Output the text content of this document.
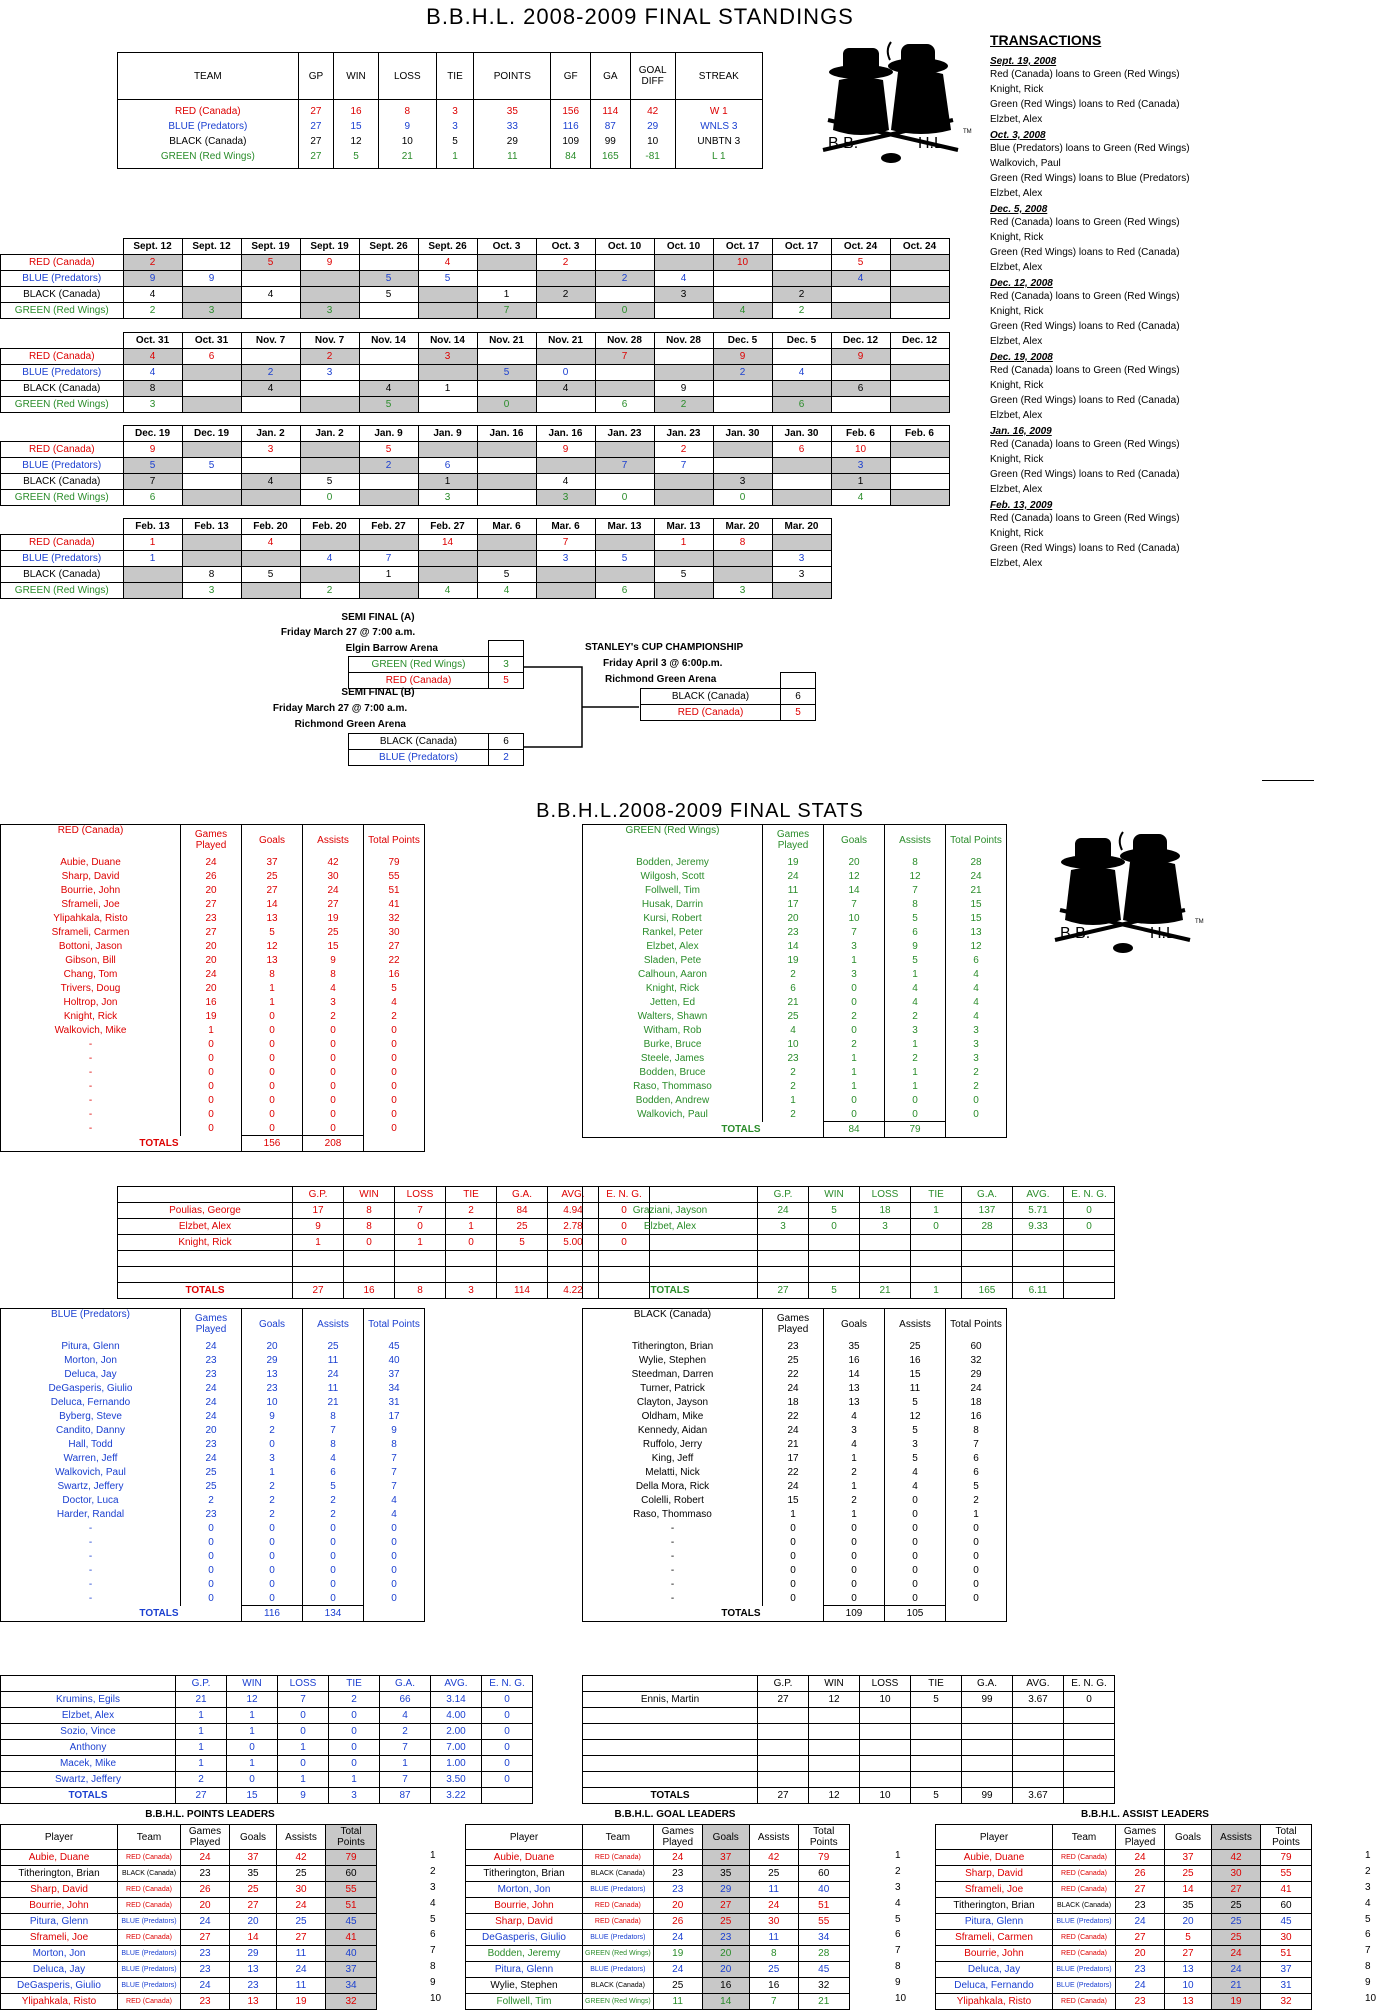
B.B.H.L. 2008-2009 FINAL STANDINGS
TEAM	GP	WIN	LOSS	TIE	POINTS	GF	GA	GOAL DIFF	STREAK
RED (Canada)	27	16	8	3	35	156	114	42	W 1
BLUE (Predators)	27	15	9	3	33	116	87	29	WNLS 3
BLACK (Canada)	27	12	10	5	29	109	99	10	UNBTN 3
GREEN (Red Wings)	27	5	21	1	11	84	165	-81	L 1
B.B.	H.L.
TM
TRANSACTIONS
Sept. 19, 2008
Red (Canada) loans to Green (Red Wings)
Knight, Rick
Green (Red Wings) loans to Red (Canada)
Elzbet, Alex
Oct. 3, 2008
Blue (Predators) loans to Green (Red Wings)
Walkovich, Paul
Green (Red Wings) loans to Blue (Predators)
Elzbet, Alex
Dec. 5, 2008
Red (Canada) loans to Green (Red Wings)
Knight, Rick
Green (Red Wings) loans to Red (Canada)
Elzbet, Alex
Dec. 12, 2008
Red (Canada) loans to Green (Red Wings)
Knight, Rick
Green (Red Wings) loans to Red (Canada)
Elzbet, Alex
Dec. 19, 2008
Red (Canada) loans to Green (Red Wings)
Knight, Rick
Green (Red Wings) loans to Red (Canada)
Elzbet, Alex
Jan. 16, 2009
Red (Canada) loans to Green (Red Wings)
Knight, Rick
Green (Red Wings) loans to Red (Canada)
Elzbet, Alex
Feb. 13, 2009
Red (Canada) loans to Green (Red Wings)
Knight, Rick
Green (Red Wings) loans to Red (Canada)
Elzbet, Alex
	Sept. 12	Sept. 12	Sept. 19	Sept. 19	Sept. 26	Sept. 26	Oct. 3	Oct. 3	Oct. 10	Oct. 10	Oct. 17	Oct. 17	Oct. 24	Oct. 24
RED (Canada)	2		5	9		4		2			10		5	
BLUE (Predators)	9	9			5	5			2	4			4	
BLACK (Canada)	4		4		5		1	2		3		2		
GREEN (Red Wings)	2	3		3			7		0		4	2		
	Oct. 31	Oct. 31	Nov. 7	Nov. 7	Nov. 14	Nov. 14	Nov. 21	Nov. 21	Nov. 28	Nov. 28	Dec. 5	Dec. 5	Dec. 12	Dec. 12
RED (Canada)	4	6		2		3			7		9		9	
BLUE (Predators)	4		2	3			5	0			2	4		
BLACK (Canada)	8		4		4	1		4		9			6	
GREEN (Red Wings)	3				5		0		6	2		6		
	Dec. 19	Dec. 19	Jan. 2	Jan. 2	Jan. 9	Jan. 9	Jan. 16	Jan. 16	Jan. 23	Jan. 23	Jan. 30	Jan. 30	Feb. 6	Feb. 6
RED (Canada)	9		3		5			9		2		6	10	
BLUE (Predators)	5	5			2	6			7	7			3	
BLACK (Canada)	7		4	5		1		4			3		1	
GREEN (Red Wings)	6			0		3		3	0		0		4	
	Feb. 13	Feb. 13	Feb. 20	Feb. 20	Feb. 27	Feb. 27	Mar. 6	Mar. 6	Mar. 13	Mar. 13	Mar. 20	Mar. 20
RED (Canada)	1		4			14		7		1	8	
BLUE (Predators)	1			4	7			3	5			3
BLACK (Canada)		8	5		1		5			5		3
GREEN (Red Wings)		3		2		4	4		6		3	
SEMI FINAL (A)
Friday March 27 @ 7:00 a.m.
Elgin Barrow Arena

GREEN (Red Wings)	3
RED (Canada)	5
SEMI FINAL (B)
Friday March 27 @ 7:00 a.m.
Richmond Green Arena
BLACK (Canada)	6
BLUE (Predators)	2
STANLEY's CUP CHAMPIONSHIP
Friday April 3 @ 6:00p.m.
Richmond Green Arena

BLACK (Canada)	6
RED (Canada)	5
B.B.H.L.2008-2009 FINAL STATS
B.B.	H.L.
TM
RED (Canada)	Games Played	Goals	Assists	Total Points
Aubie, Duane	24	37	42	79
Sharp, David	26	25	30	55
Bourrie, John	20	27	24	51
Sframeli, Joe	27	14	27	41
Ylipahkala, Risto	23	13	19	32
Sframeli, Carmen	27	5	25	30
Bottoni, Jason	20	12	15	27
Gibson, Bill	20	13	9	22
Chang, Tom	24	8	8	16
Trivers, Doug	20	1	4	5
Holtrop, Jon	16	1	3	4
Knight, Rick	19	0	2	2
Walkovich, Mike	1	0	0	0
-	0	0	0	0
-	0	0	0	0
-	0	0	0	0
-	0	0	0	0
-	0	0	0	0
-	0	0	0	0
-	0	0	0	0
TOTALS		156	208	
GREEN (Red Wings)	Games Played	Goals	Assists	Total Points
Bodden, Jeremy	19	20	8	28
Wilgosh, Scott	24	12	12	24
Follwell, Tim	11	14	7	21
Husak, Darrin	17	7	8	15
Kursi, Robert	20	10	5	15
Rankel, Peter	23	7	6	13
Elzbet, Alex	14	3	9	12
Sladen, Pete	19	1	5	6
Calhoun, Aaron	2	3	1	4
Knight, Rick	6	0	4	4
Jetten, Ed	21	0	4	4
Walters, Shawn	25	2	2	4
Witham, Rob	4	0	3	3
Burke, Bruce	10	2	1	3
Steele, James	23	1	2	3
Bodden, Bruce	2	1	1	2
Raso, Thommaso	2	1	1	2
Bodden, Andrew	1	0	0	0
Walkovich, Paul	2	0	0	0
TOTALS		84	79	
BLUE (Predators)	Games Played	Goals	Assists	Total Points
Pitura, Glenn	24	20	25	45
Morton, Jon	23	29	11	40
Deluca, Jay	23	13	24	37
DeGasperis, Giulio	24	23	11	34
Deluca, Fernando	24	10	21	31
Byberg, Steve	24	9	8	17
Candito, Danny	20	2	7	9
Hall, Todd	23	0	8	8
Warren, Jeff	24	3	4	7
Walkovich, Paul	25	1	6	7
Swartz, Jeffery	25	2	5	7
Doctor, Luca	2	2	2	4
Harder, Randal	23	2	2	4
-	0	0	0	0
-	0	0	0	0
-	0	0	0	0
-	0	0	0	0
-	0	0	0	0
-	0	0	0	0
TOTALS		116	134	
BLACK (Canada)	Games Played	Goals	Assists	Total Points
Titherington, Brian	23	35	25	60
Wylie, Stephen	25	16	16	32
Steedman, Darren	22	14	15	29
Turner, Patrick	24	13	11	24
Clayton, Jayson	18	13	5	18
Oldham, Mike	22	4	12	16
Kennedy, Aidan	24	3	5	8
Ruffolo, Jerry	21	4	3	7
King, Jeff	17	1	5	6
Melatti, Nick	22	2	4	6
Della Mora, Rick	24	1	4	5
Colelli, Robert	15	2	0	2
Raso, Thommaso	1	1	0	1
-	0	0	0	0
-	0	0	0	0
-	0	0	0	0
-	0	0	0	0
-	0	0	0	0
-	0	0	0	0
TOTALS		109	105	
	G.P.	WIN	LOSS	TIE	G.A.	AVG.	E. N. G.
Poulias, George	17	8	7	2	84	4.94	0
Elzbet, Alex	9	8	0	1	25	2.78	0
Knight, Rick	1	0	1	0	5	5.00	0

TOTALS	27	16	8	3	114	4.22	
	G.P.	WIN	LOSS	TIE	G.A.	AVG.	E. N. G.
Graziani, Jayson	24	5	18	1	137	5.71	0
Elzbet, Alex	3	0	3	0	28	9.33	0

TOTALS	27	5	21	1	165	6.11	
	G.P.	WIN	LOSS	TIE	G.A.	AVG.	E. N. G.
Krumins, Egils	21	12	7	2	66	3.14	0
Elzbet, Alex	1	1	0	0	4	4.00	0
Sozio, Vince	1	1	0	0	2	2.00	0
Anthony	1	0	1	0	7	7.00	0
Macek, Mike	1	1	0	0	1	1.00	0
Swartz, Jeffery	2	0	1	1	7	3.50	0
TOTALS	27	15	9	3	87	3.22	
	G.P.	WIN	LOSS	TIE	G.A.	AVG.	E. N. G.
Ennis, Martin	27	12	10	5	99	3.67	0

TOTALS	27	12	10	5	99	3.67	
B.B.H.L. POINTS LEADERS
Player	Team	Games Played	Goals	Assists	Total Points
Aubie, Duane	RED (Canada)	24	37	42	79
Titherington, Brian	BLACK (Canada)	23	35	25	60
Sharp, David	RED (Canada)	26	25	30	55
Bourrie, John	RED (Canada)	20	27	24	51
Pitura, Glenn	BLUE (Predators)	24	20	25	45
Sframeli, Joe	RED (Canada)	27	14	27	41
Morton, Jon	BLUE (Predators)	23	29	11	40
Deluca, Jay	BLUE (Predators)	23	13	24	37
DeGasperis, Giulio	BLUE (Predators)	24	23	11	34
Ylipahkala, Risto	RED (Canada)	23	13	19	32
1
2
3
4
5
6
7
8
9
10
B.B.H.L. GOAL LEADERS
Player	Team	Games Played	Goals	Assists	Total Points
Aubie, Duane	RED (Canada)	24	37	42	79
Titherington, Brian	BLACK (Canada)	23	35	25	60
Morton, Jon	BLUE (Predators)	23	29	11	40
Bourrie, John	RED (Canada)	20	27	24	51
Sharp, David	RED (Canada)	26	25	30	55
DeGasperis, Giulio	BLUE (Predators)	24	23	11	34
Bodden, Jeremy	GREEN (Red Wings)	19	20	8	28
Pitura, Glenn	BLUE (Predators)	24	20	25	45
Wylie, Stephen	BLACK (Canada)	25	16	16	32
Follwell, Tim	GREEN (Red Wings)	11	14	7	21
1
2
3
4
5
6
7
8
9
10
B.B.H.L. ASSIST LEADERS
Player	Team	Games Played	Goals	Assists	Total Points
Aubie, Duane	RED (Canada)	24	37	42	79
Sharp, David	RED (Canada)	26	25	30	55
Sframeli, Joe	RED (Canada)	27	14	27	41
Titherington, Brian	BLACK (Canada)	23	35	25	60
Pitura, Glenn	BLUE (Predators)	24	20	25	45
Sframeli, Carmen	RED (Canada)	27	5	25	30
Bourrie, John	RED (Canada)	20	27	24	51
Deluca, Jay	BLUE (Predators)	23	13	24	37
Deluca, Fernando	BLUE (Predators)	24	10	21	31
Ylipahkala, Risto	RED (Canada)	23	13	19	32
1
2
3
4
5
6
7
8
9
10
